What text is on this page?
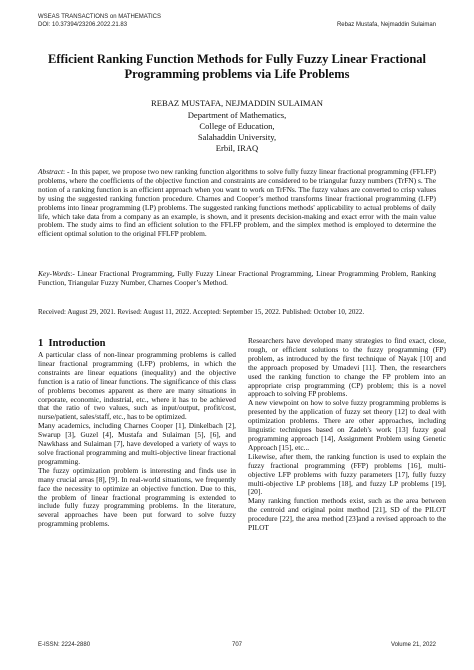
WSEAS TRANSACTIONS on MATHEMATICS
DOI: 10.37394/23206.2022.21.83	Rebaz Mustafa, Nejmaddin Sulaiman
Efficient Ranking Function Methods for Fully Fuzzy Linear Fractional Programming problems via Life Problems
REBAZ MUSTAFA, NEJMADDIN SULAIMAN
Department of Mathematics,
College of Education,
Salahaddin University,
Erbil, IRAQ

Abstract: - In this paper, we propose two new ranking function algorithms to solve fully fuzzy linear fractional programming (FFLFP) problems, where the coefficients of the objective function and constraints are considered to be triangular fuzzy numbers (TrFN) s. The notion of a ranking function is an efficient approach when you want to work on TrFNs. The fuzzy values are converted to crisp values by using the suggested ranking function procedure. Charnes and Cooper’s method transforms linear fractional programming (LFP) problems into linear programming (LP) problems. The suggested ranking functions methods' applicability to actual problems of daily life, which take data from a company as an example, is shown, and it presents decision-making and exact error with the main value problem. The study aims to find an efficient solution to the FFLFP problem, and the simplex method is employed to determine the efficient optimal solution to the original FFLFP problem.

Key-Words:- Linear Fractional Programming, Fully Fuzzy Linear Fractional Programming, Linear Programming Problem, Ranking Function, Triangular Fuzzy Number, Charnes Cooper’s Method.

Received: August 29, 2021. Revised: August 11, 2022. Accepted: September 15, 2022. Published: October 10, 2022.
1 Introduction

A particular class of non-linear programming problems is called linear fractional programming (LFP) problems, in which the constraints are linear equations (inequality) and the objective function is a ratio of linear functions. The significance of this class of problems becomes apparent as there are many situations in corporate, economic, industrial, etc., where it has to be achieved that the ratio of two values, such as input/output, profit/cost, nurse/patient, sales/staff, etc., has to be optimized.

Many academics, including Charnes Cooper [1], Dinkelbach [2], Swarup [3], Guzel [4], Mustafa and Sulaiman [5], [6], and Nawkhass and Sulaiman [7], have developed a variety of ways to solve fractional programming and multi-objective linear fractional programming.

The fuzzy optimization problem is interesting and finds use in many crucial areas [8], [9]. In real-world situations, we frequently face the necessity to optimize an objective function. Due to this, the problem of linear fractional programming is extended to include fully fuzzy programming problems. In the literature, several approaches have been put forward to solve fuzzy programming problems.

Researchers have developed many strategies to find exact, close, rough, or efficient solutions to the fuzzy programming (FP) problem, as introduced by the first technique of Nayak [10] and the approach proposed by Umadevi [11]. Then, the researchers used the ranking function to change the FP problem into an appropriate crisp programming (CP) problem; this is a novel approach to solving FP problems.

A new viewpoint on how to solve fuzzy programming problems is presented by the application of fuzzy set theory [12] to deal with optimization problems. There are other approaches, including linguistic techniques based on Zadeh's work [13] fuzzy goal programming approach [14], Assignment Problem using Genetic Approach [15], etc...

Likewise, after them, the ranking function is used to explain the fuzzy fractional programming (FFP) problems [16], multi-objective LFP problems with fuzzy parameters [17], fully fuzzy multi-objective LP problems [18], and fuzzy LP problems [19], [20].

Many ranking function methods exist, such as the area between the centroid and original point method [21], SD of the PILOT procedure [22], the area method [23]and a revised approach to the PILOT

E-ISSN: 2224-2880	707	Volume 21, 2022
